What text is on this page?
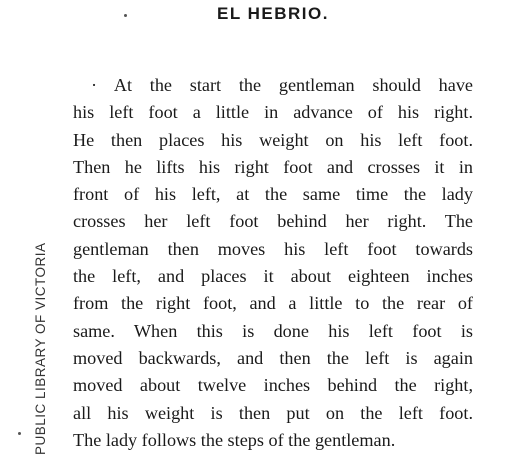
EL HEBRIO.
PUBLIC LIBRARY OF VICTORIA
· At the start the gentleman should have
his left foot a little in advance of his right.
He then places his weight on his left foot.
Then he lifts his right foot and crosses it in
front of his left, at the same time the lady
crosses her left foot behind her right. The
gentleman then moves his left foot towards
the left, and places it about eighteen inches
from the right foot, and a little to the rear of
same. When this is done his left foot is
moved backwards, and then the left is again
moved about twelve inches behind the right,
all his weight is then put on the left foot.
The lady follows the steps of the gentleman.
